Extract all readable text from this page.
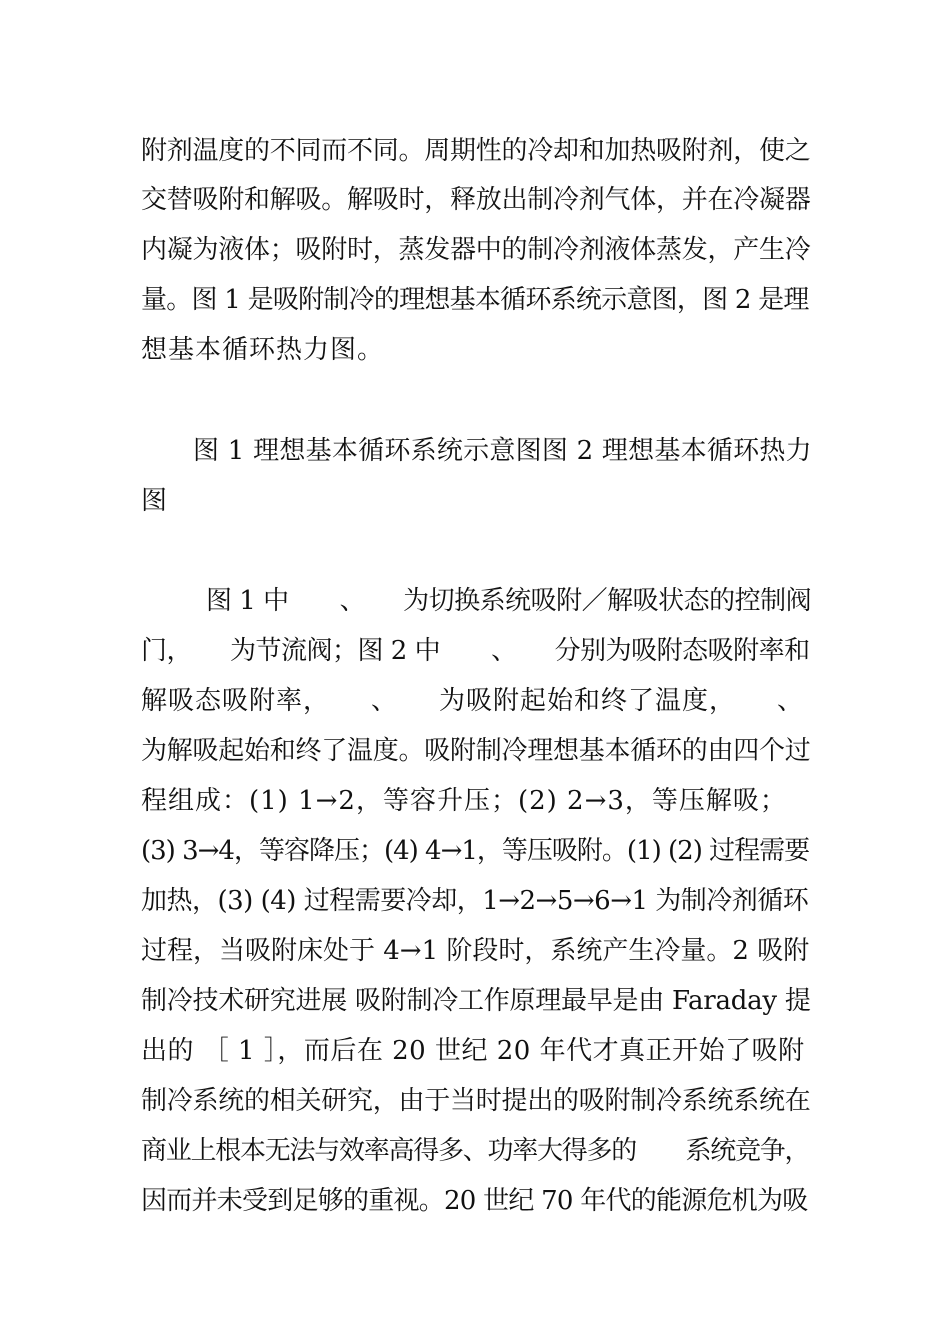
附剂温度的不同而不同。周期性的冷却和加热吸附剂，使之
交替吸附和解吸。解吸时，释放出制冷剂气体，并在冷凝器
内凝为液体；吸附时，蒸发器中的制冷剂液体蒸发，产生冷
量。图 1 是吸附制冷的理想基本循环系统示意图，图 2 是理
想基本循环热力图。
图 1 理想基本循环系统示意图图 2 理想基本循环热力
图
图 1 中　　、　　为切换系统吸附／解吸状态的控制阀
门，　　为节流阀；图 2 中　　、　　分别为吸附态吸附率和
解吸态吸附率，　　、　　为吸附起始和终了温度，　　、
为解吸起始和终了温度。吸附制冷理想基本循环的由四个过
程组成：(1) 1→2，等容升压；(2) 2→3，等压解吸；
(3) 3→4，等容降压；(4) 4→1，等压吸附。(1) (2) 过程需要
加热，(3) (4) 过程需要冷却，1→2→5→6→1 为制冷剂循环
过程，当吸附床处于 4→1 阶段时，系统产生冷量。2 吸附
制冷技术研究进展 吸附制冷工作原理最早是由 Faraday 提
出的 ［ 1 ］，而后在 20 世纪 20 年代才真正开始了吸附
制冷系统的相关研究，由于当时提出的吸附制冷系统系统在
商业上根本无法与效率高得多、功率大得多的　　系统竞争，
因而并未受到足够的重视。20 世纪 70 年代的能源危机为吸
